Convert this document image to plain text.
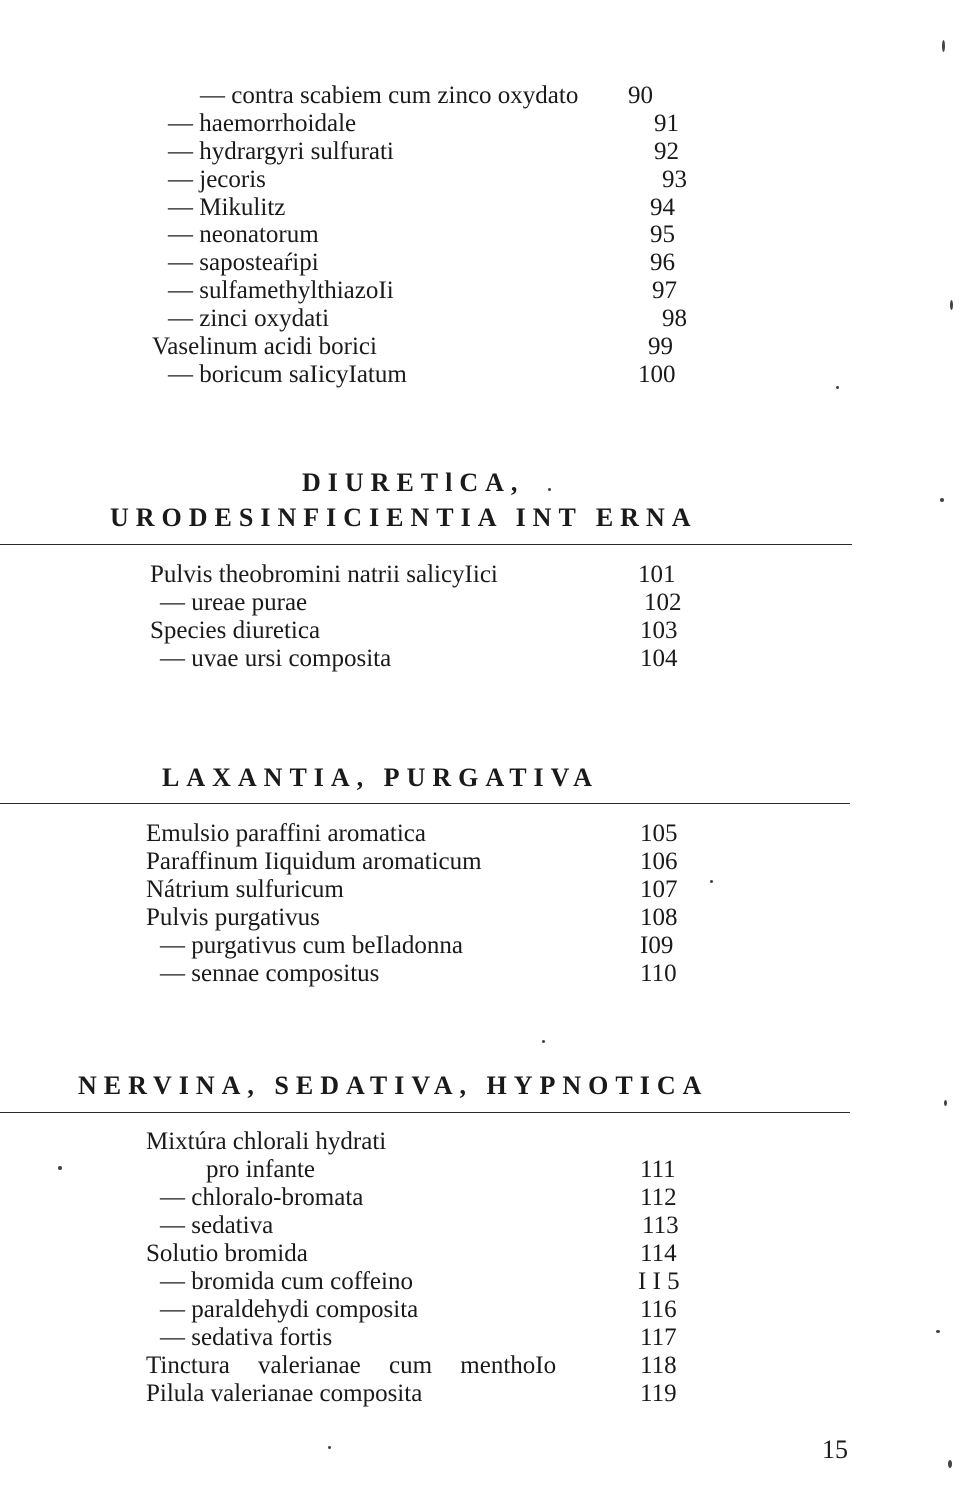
— contra scabiem cum zinco oxydato 90
— haemorrhoidale	91
— hydrargyri sulfurati	92
— jecoris	93
— Mikulitz	94
— neonatorum	95
— saposteaŕipi	96
— sulfamethylthiazoIi	97
— zinci oxydati	98
Vaselinum acidi borici	99
— boricum saIicyIatum	100
DIURETlCA,
URODESINFICIENTIA INT ERNA
Pulvis theobromini natrii salicyIici	101
— ureae purae	102
Species diuretica	103
— uvae ursi composita	104
LAXANTIA, PURGATIVA
Emulsio paraffini aromatica	105
Paraffinum Iiquidum aromaticum	106
Nátrium sulfuricum	107
Pulvis purgativus	108
— purgativus cum beIladonna	I09
— sennae compositus	110
NERVINA, SEDATIVA, HYPNOTICA
Mixtúra chlorali hydrati
pro infante	111
— chloralo-bromata	112
— sedativa	113
Solutio bromida	114
— bromida cum coffeino	I I 5
— paraldehydi composita	116
— sedativa fortis	117
Tinctura valerianae cum menthoIo	118
Pilula valerianae composita	119
15
